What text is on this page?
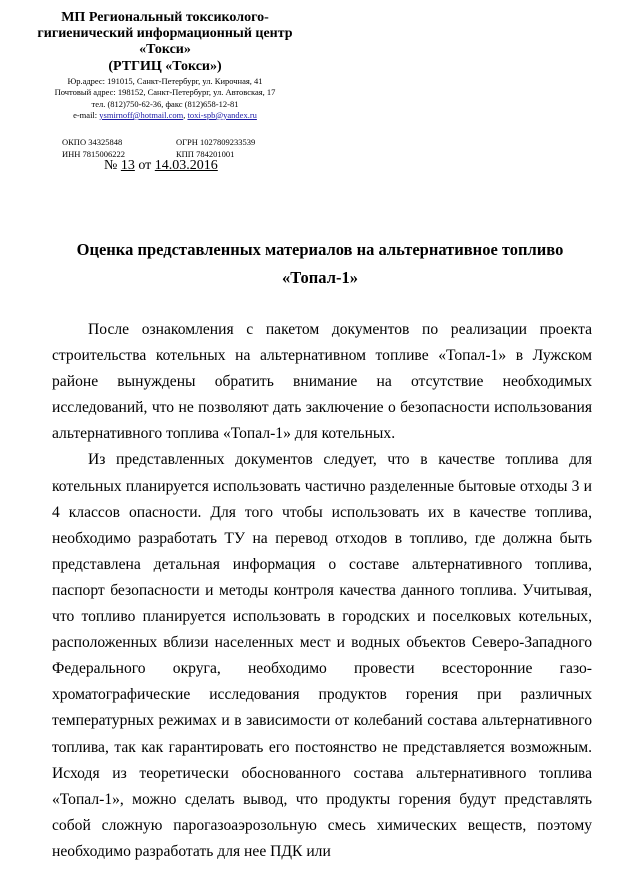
МП Региональный токсиколого-
гигиенический информационный центр
«Токси»
(РТГИЦ «Токси»)
Юр.адрес: 191015, Санкт-Петербург, ул. Кирочная, 41
Почтовый адрес: 198152, Санкт-Петербург, ул. Автовская, 17
тел. (812)750-62-36, факс (812)658-12-81
e-mail: ysmirnoff@hotmail.com, toxi-spb@yandex.ru
ОКПО 34325848	ОГРН 1027809233539
ИНН 7815006222	КПП 784201001
№ 13 от 14.03.2016
Оценка представленных материалов на альтернативное топливо
«Топал-1»

После ознакомления с пакетом документов по реализации проекта строительства котельных на альтернативном топливе «Топал-1» в Лужском районе вынуждены обратить внимание на отсутствие необходимых исследований, что не позволяют дать заключение о безопасности использования альтернативного топлива «Топал-1» для котельных.

Из представленных документов следует, что в качестве топлива для котельных планируется использовать частично разделенные бытовые отходы 3 и 4 классов опасности. Для того чтобы использовать их в качестве топлива, необходимо разработать ТУ на перевод отходов в топливо, где должна быть представлена детальная информация о составе альтернативного топлива, паспорт безопасности и методы контроля качества данного топлива. Учитывая, что топливо планируется использовать в городских и поселковых котельных, расположенных вблизи населенных мест и водных объектов Северо-Западного Федерального округа, необходимо провести всесторонние газо-хроматографические исследования продуктов горения при различных температурных режимах и в зависимости от колебаний состава альтернативного топлива, так как гарантировать его постоянство не представляется возможным. Исходя из теоретически обоснованного состава альтернативного топлива «Топал-1», можно сделать вывод, что продукты горения будут представлять собой сложную парогазоаэрозольную смесь химических веществ, поэтому необходимо разработать для нее ПДК или
